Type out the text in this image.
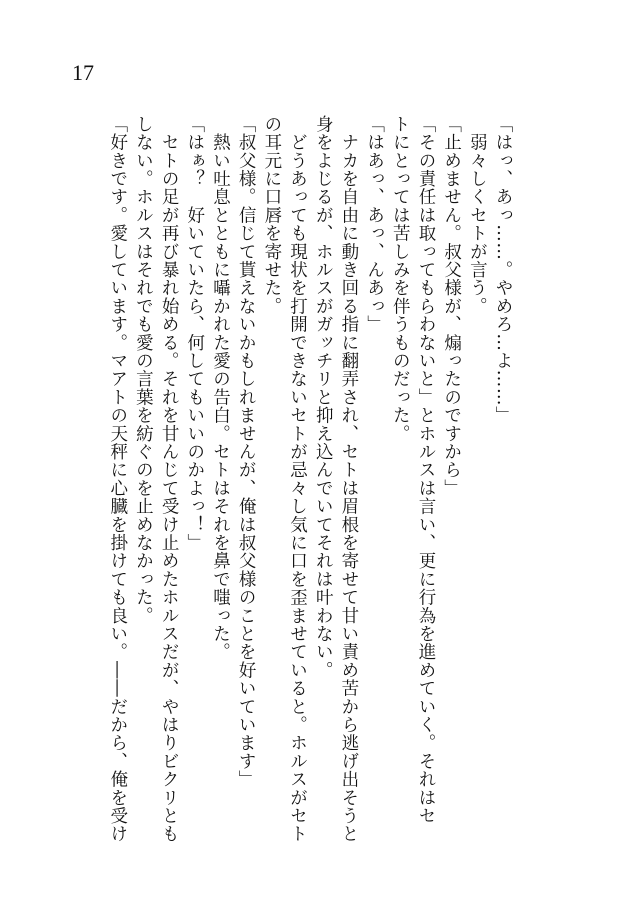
17
「はっ、あっ……。やめろ…よ……」
　弱々しくセトが言う。
「止めません。叔父様が、煽ったのですから」
「その責任は取ってもらわないと」とホルスは言い、更に行為を進めていく。それはセ
トにとっては苦しみを伴うものだった。
「はあっ、あっ、んあっ」
　ナカを自由に動き回る指に翻弄され、セトは眉根を寄せて甘い責め苦から逃げ出そうと
身をよじるが、ホルスがガッチリと抑え込んでいてそれは叶わない。
　どうあっても現状を打開できないセトが忌々し気に口を歪ませていると。ホルスがセト
の耳元に口唇を寄せた。
「叔父様。信じて貰えないかもしれませんが、俺は叔父様のことを好いています」
　熱い吐息とともに囁かれた愛の告白。セトはそれを鼻で嗤った。
「はぁ？　好いていたら、何してもいいのかよっ！」
　セトの足が再び暴れ始める。それを甘んじて受け止めたホルスだが、やはりビクリとも
しない。ホルスはそれでも愛の言葉を紡ぐのを止めなかった。
「好きです。愛しています。マアトの天秤に心臓を掛けても良い。――だから、俺を受け
